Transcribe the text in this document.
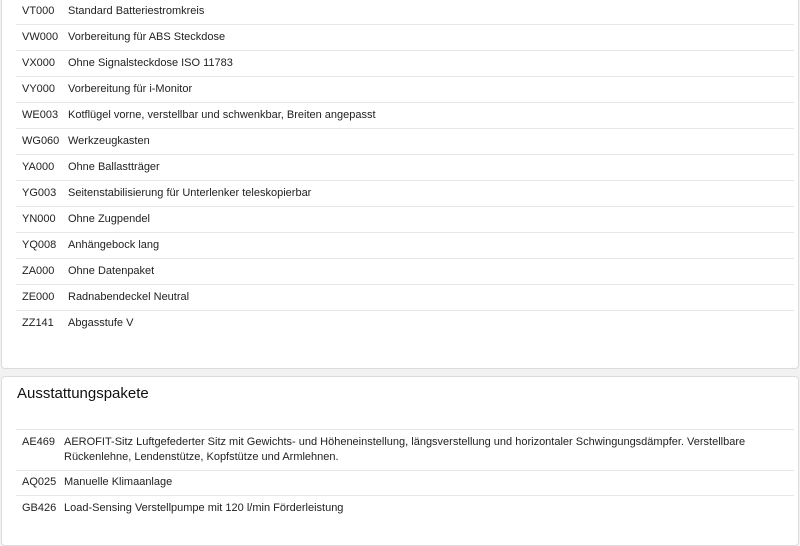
VT000	Standard Batteriestromkreis
VW000 Vorbereitung für ABS Steckdose
VX000	Ohne Signalsteckdose ISO 11783
VY000	Vorbereitung für i-Monitor
WE003 Kotflügel vorne, verstellbar und schwenkbar, Breiten angepasst
WG060 Werkzeugkasten
YA000	Ohne Ballastträger
YG003	Seitenstabilisierung für Unterlenker teleskopierbar
YN000	Ohne Zugpendel
YQ008	Anhängebock lang
ZA000	Ohne Datenpaket
ZE000	Radnabendeckel Neutral
ZZ141	Abgasstufe V
Ausstattungspakete
AE469 AEROFIT-Sitz Luftgefederter Sitz mit Gewichts- und Höheneinstellung, längsverstellung und horizontaler Schwingungsdämpfer. Verstellbare Rückenlehne, Lendenstütze, Kopfstütze und Armlehnen.
AQ025 Manuelle Klimaanlage
GB426 Load-Sensing Verstellpumpe mit 120 l/min Förderleistung
